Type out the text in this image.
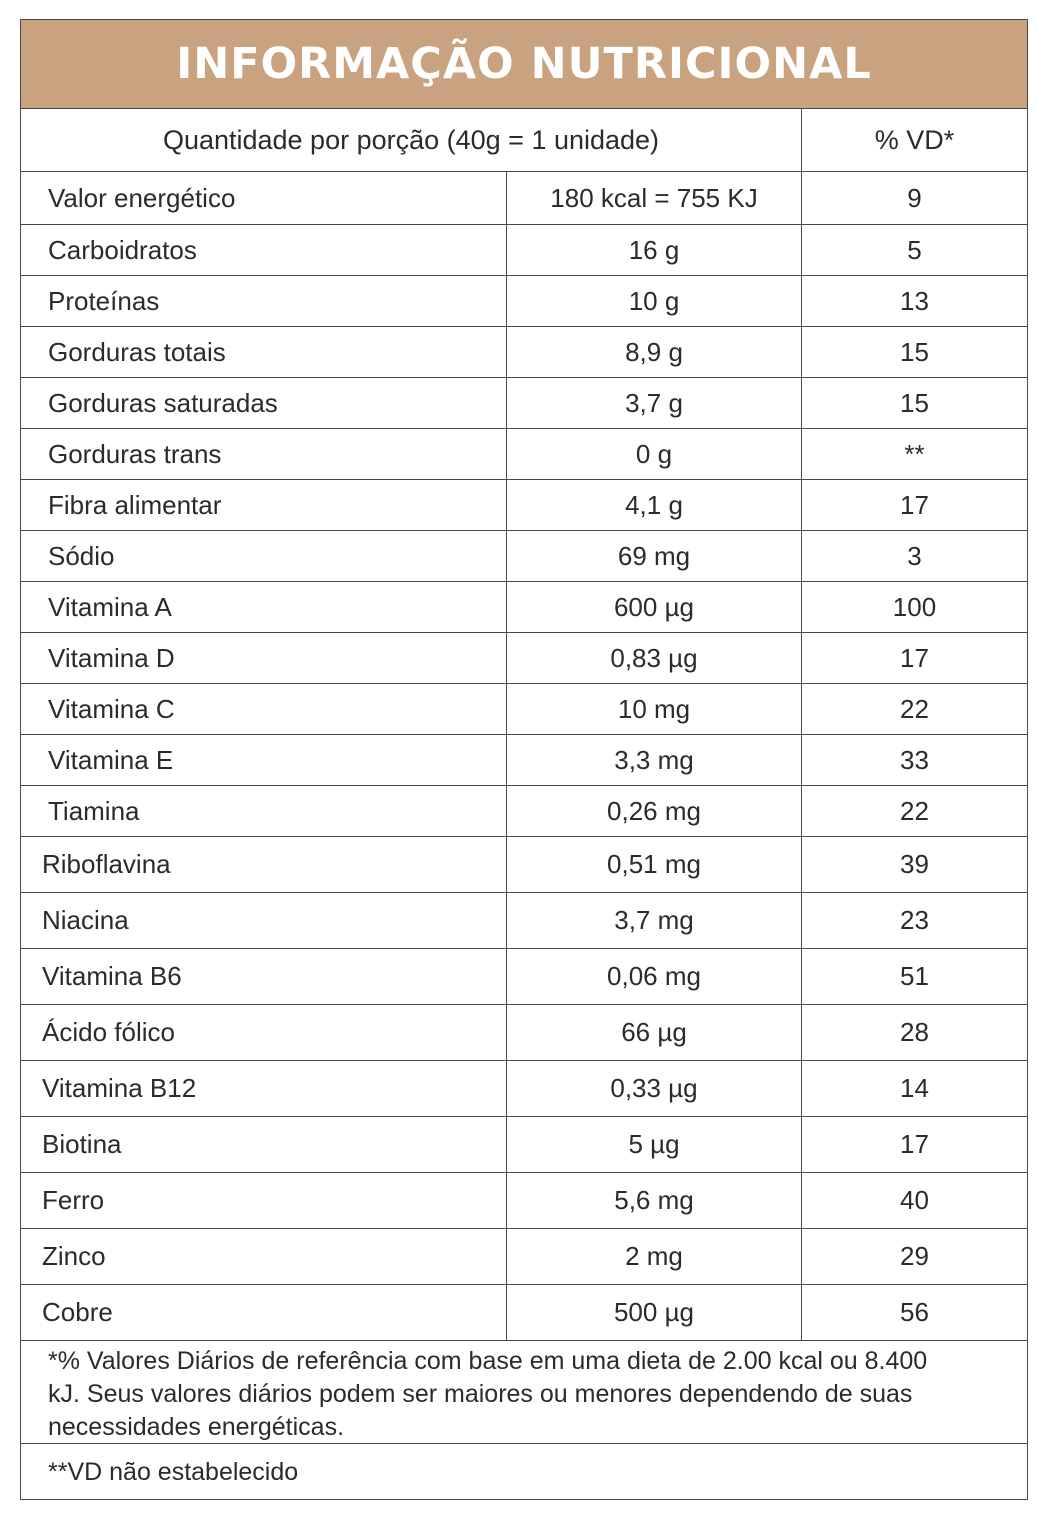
INFORMAÇÃO NUTRICIONAL
Quantidade por porção (40g = 1 unidade)	% VD*
Valor energético	180 kcal = 755 KJ	9
Carboidratos	16 g	5
Proteínas	10 g	13
Gorduras totais	8,9 g	15
Gorduras saturadas	3,7 g	15
Gorduras trans	0 g	**
Fibra alimentar	4,1 g	17
Sódio	69 mg	3
Vitamina A	600 µg	100
Vitamina D	0,83 µg	17
Vitamina C	10 mg	22
Vitamina E	3,3 mg	33
Tiamina	0,26 mg	22
Riboflavina	0,51 mg	39
Niacina	3,7 mg	23
Vitamina B6	0,06 mg	51
Ácido fólico	66 µg	28
Vitamina B12	0,33 µg	14
Biotina	5 µg	17
Ferro	5,6 mg	40
Zinco	2 mg	29
Cobre	500 µg	56
*% Valores Diários de referência com base em uma dieta de 2.00 kcal ou 8.400 kJ. Seus valores diários podem ser maiores ou menores dependendo de suas necessidades energéticas.
**VD não estabelecido
